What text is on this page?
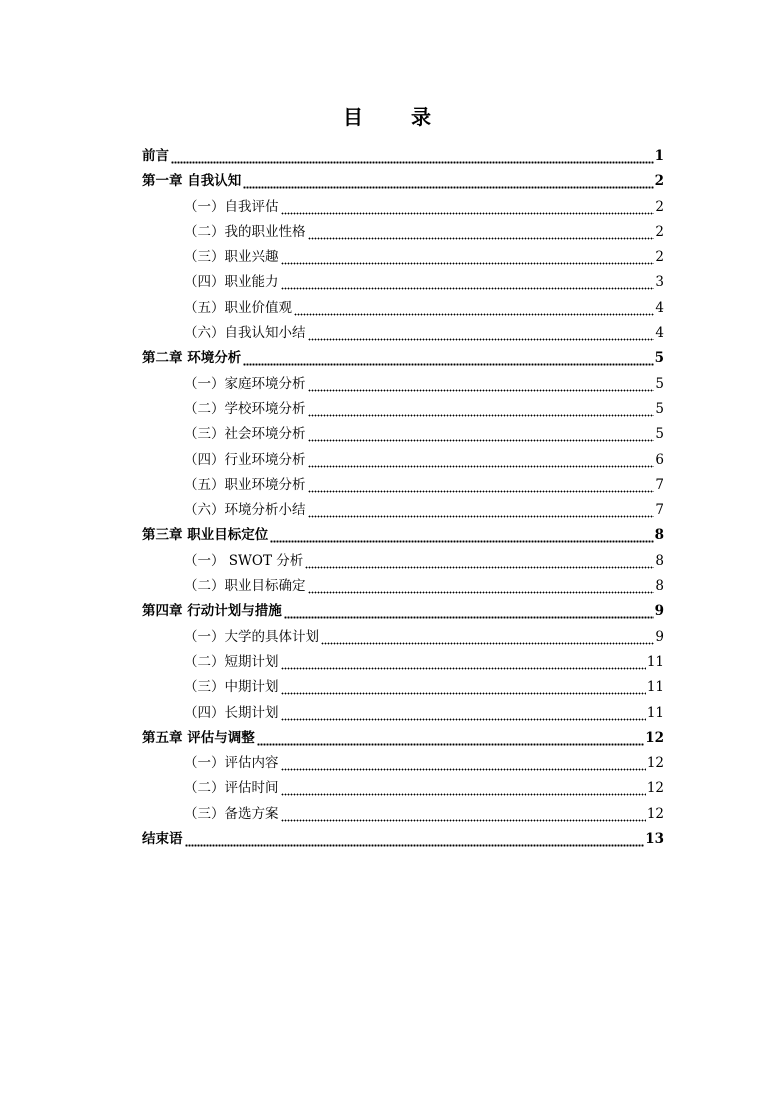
目　录
前言	1
第一章 自我认知	2
（一）自我评估	2
（二）我的职业性格	2
（三）职业兴趣	2
（四）职业能力	3
（五）职业价值观	4
（六）自我认知小结	4
第二章 环境分析	5
（一）家庭环境分析	5
（二）学校环境分析	5
（三）社会环境分析	5
（四）行业环境分析	6
（五）职业环境分析	7
（六）环境分析小结	7
第三章 职业目标定位	8
（一） SWOT 分析	8
（二）职业目标确定	8
第四章 行动计划与措施	9
（一）大学的具体计划	9
（二）短期计划	11
（三）中期计划	11
（四）长期计划	11
第五章 评估与调整	12
（一）评估内容	12
（二）评估时间	12
（三）备选方案	12
结束语	13
